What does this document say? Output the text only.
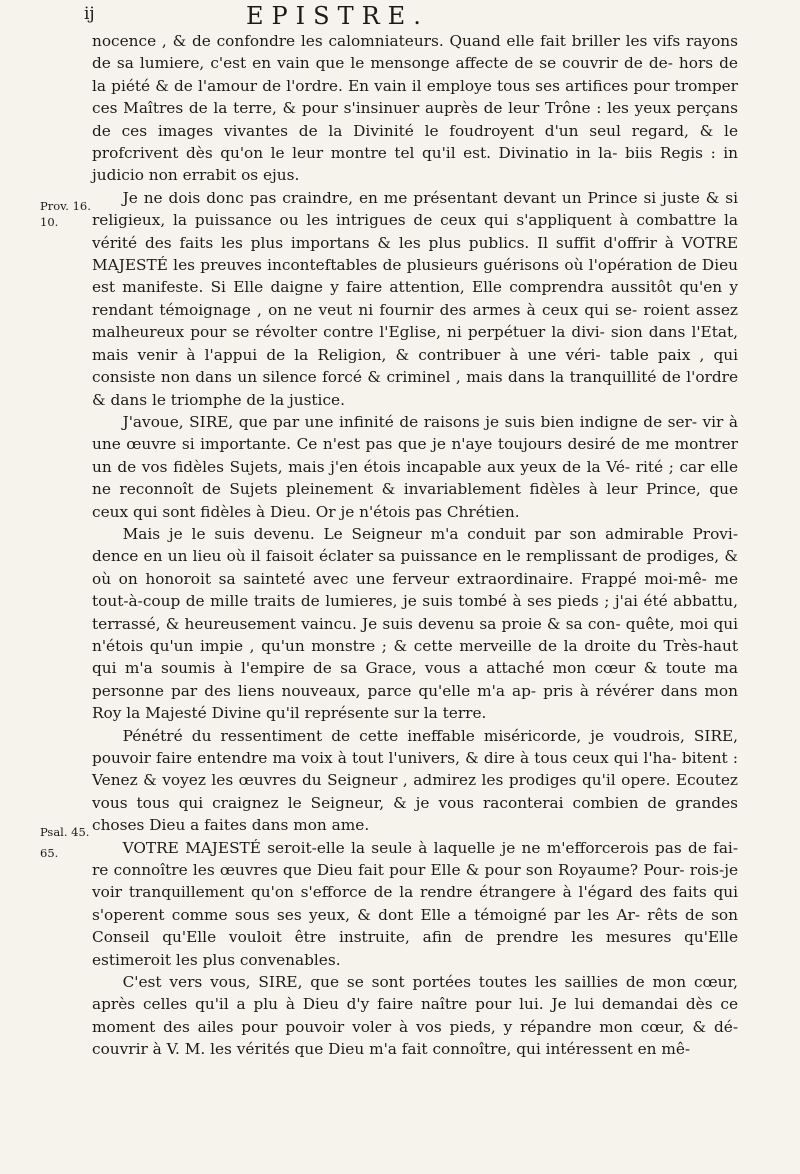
ij	EPISTRE.
Prov. 16.
10.
Psal. 45.
65.

nocence , & de confondre les calomniateurs. Quand elle fait briller les vifs rayons de sa lumiere, c'est en vain que le mensonge affecte de se couvrir de de- hors de la piété & de l'amour de l'ordre. En vain il employe tous ses artifices pour tromper ces Maîtres de la terre, & pour s'insinuer auprès de leur Trône : les yeux perçans de ces images vivantes de la Divinité le foudroyent d'un seul regard, & le profcrivent dès qu'on le leur montre tel qu'il est. Divinatio in la- biis Regis : in judicio non errabit os ejus.

Je ne dois donc pas craindre, en me présentant devant un Prince si juste & si religieux, la puissance ou les intrigues de ceux qui s'appliquent à combattre la vérité des faits les plus importans & les plus publics. Il suffit d'offrir à VOTRE MAJESTÉ les preuves inconteftables de plusieurs guérisons où l'opération de Dieu est manifeste. Si Elle daigne y faire attention, Elle comprendra aussitôt qu'en y rendant témoignage , on ne veut ni fournir des armes à ceux qui se- roient assez malheureux pour se révolter contre l'Eglise, ni perpétuer la divi- sion dans l'Etat, mais venir à l'appui de la Religion, & contribuer à une véri- table paix , qui consiste non dans un silence forcé & criminel , mais dans la tranquillité de l'ordre & dans le triomphe de la justice.

J'avoue, SIRE, que par une infinité de raisons je suis bien indigne de ser- vir à une œuvre si importante. Ce n'est pas que je n'aye toujours desiré de me montrer un de vos fidèles Sujets, mais j'en étois incapable aux yeux de la Vé- rité ; car elle ne reconnoît de Sujets pleinement & invariablement fidèles à leur Prince, que ceux qui sont fidèles à Dieu. Or je n'étois pas Chrétien.

Mais je le suis devenu. Le Seigneur m'a conduit par son admirable Provi- dence en un lieu où il faisoit éclater sa puissance en le remplissant de prodiges, & où on honoroit sa sainteté avec une ferveur extraordinaire. Frappé moi-mê- me tout-à-coup de mille traits de lumieres, je suis tombé à ses pieds ; j'ai été abbattu, terrassé, & heureusement vaincu. Je suis devenu sa proie & sa con- quête, moi qui n'étois qu'un impie , qu'un monstre ; & cette merveille de la droite du Très-haut qui m'a soumis à l'empire de sa Grace, vous a attaché mon cœur & toute ma personne par des liens nouveaux, parce qu'elle m'a ap- pris à révérer dans mon Roy la Majesté Divine qu'il représente sur la terre.

Pénétré du ressentiment de cette ineffable miséricorde, je voudrois, SIRE, pouvoir faire entendre ma voix à tout l'univers, & dire à tous ceux qui l'ha- bitent : Venez & voyez les œuvres du Seigneur , admirez les prodiges qu'il opere. Ecoutez vous tous qui craignez le Seigneur, & je vous raconterai combien de grandes choses Dieu a faites dans mon ame.

VOTRE MAJESTÉ seroit-elle la seule à laquelle je ne m'efforcerois pas de fai- re connoître les œuvres que Dieu fait pour Elle & pour son Royaume? Pour- rois-je voir tranquillement qu'on s'efforce de la rendre étrangere à l'égard des faits qui s'operent comme sous ses yeux, & dont Elle a témoigné par les Ar- rêts de son Conseil qu'Elle vouloit être instruite, afin de prendre les mesures qu'Elle estimeroit les plus convenables.

C'est vers vous, SIRE, que se sont portées toutes les saillies de mon cœur, après celles qu'il a plu à Dieu d'y faire naître pour lui. Je lui demandai dès ce moment des ailes pour pouvoir voler à vos pieds, y répandre mon cœur, & dé- couvrir à V. M. les vérités que Dieu m'a fait connoître, qui intéressent en mê-
